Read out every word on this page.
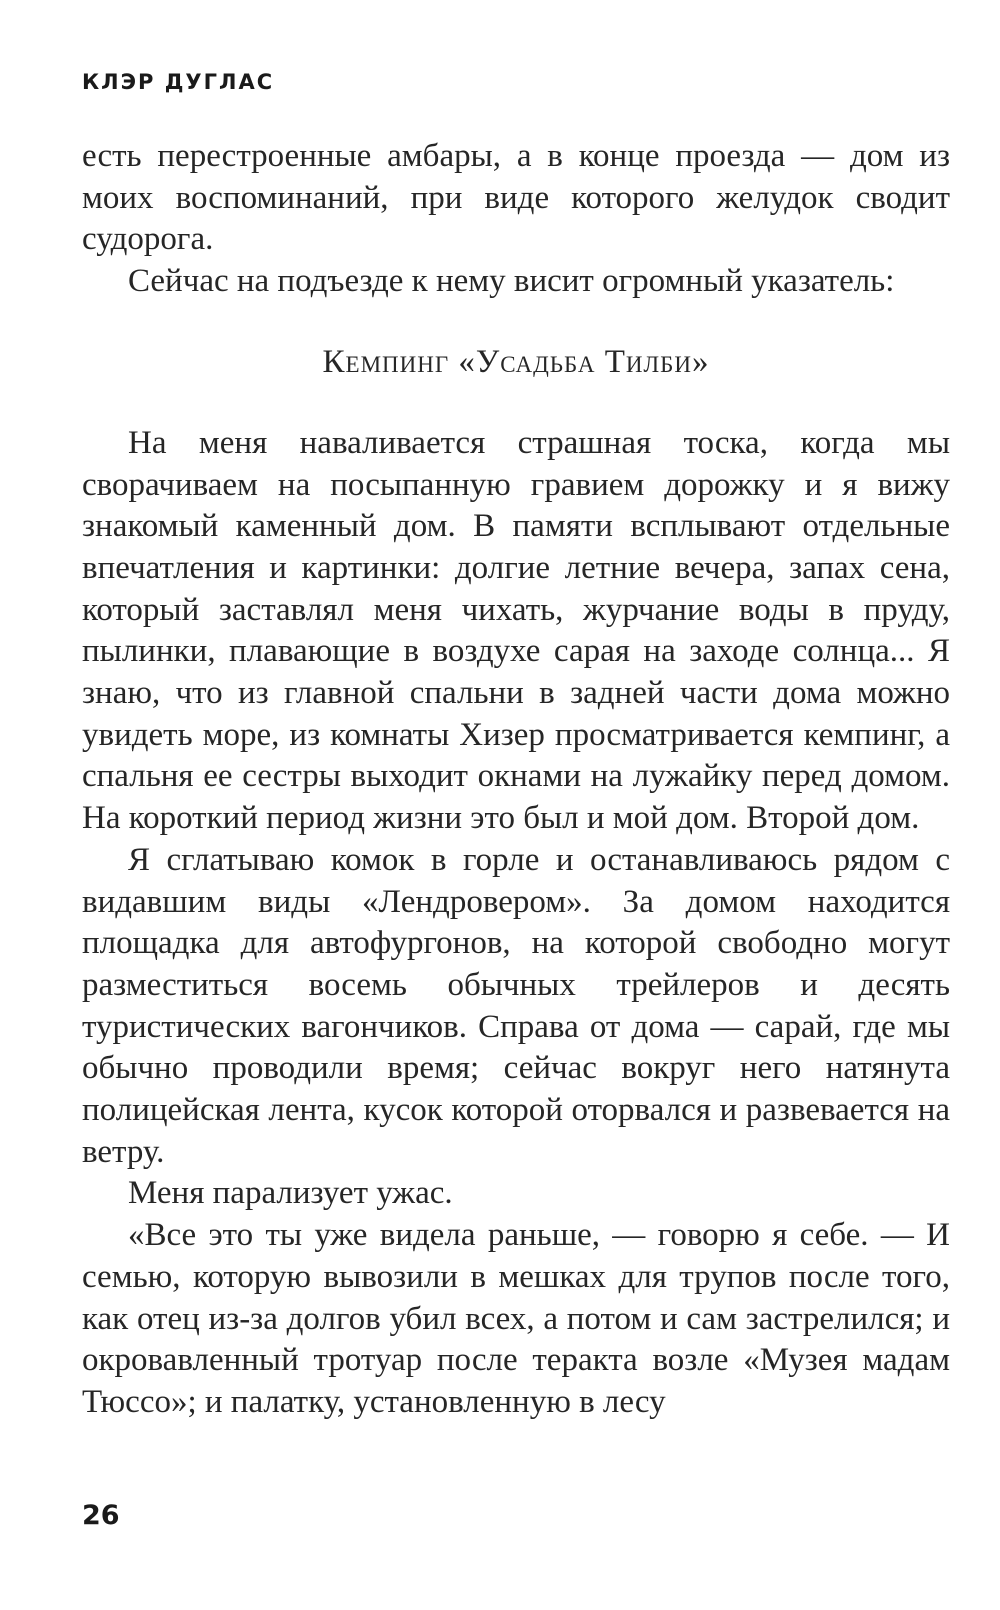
КЛЭР ДУГЛАС

есть перестроенные амбары, а в конце проезда — дом из моих воспоминаний, при виде которого желудок сводит судорога.

Сейчас на подъезде к нему висит огромный указатель:

Кемпинг «Усадьба Тилби»

На меня наваливается страшная тоска, когда мы сворачиваем на посыпанную гравием дорожку и я вижу знакомый каменный дом. В памяти всплывают отдельные впечатления и картинки: долгие летние вечера, запах сена, который заставлял меня чихать, журчание воды в пруду, пылинки, плавающие в воздухе сарая на заходе солнца... Я знаю, что из главной спальни в задней части дома можно увидеть море, из комнаты Хизер просматривается кемпинг, а спальня ее сестры выходит окнами на лужайку перед домом. На короткий период жизни это был и мой дом. Второй дом.

Я сглатываю комок в горле и останавливаюсь рядом с видавшим виды «Лендровером». За домом находится площадка для автофургонов, на которой свободно могут разместиться восемь обычных трейлеров и десять туристических вагончиков. Справа от дома — сарай, где мы обычно проводили время; сейчас вокруг него натянута полицейская лента, кусок которой оторвался и развевается на ветру.

Меня парализует ужас.

«Все это ты уже видела раньше, — говорю я себе. — И семью, которую вывозили в мешках для трупов после того, как отец из-за долгов убил всех, а потом и сам застрелился; и окровавленный тротуар после теракта возле «Музея мадам Тюссо»; и палатку, установленную в лесу

26
